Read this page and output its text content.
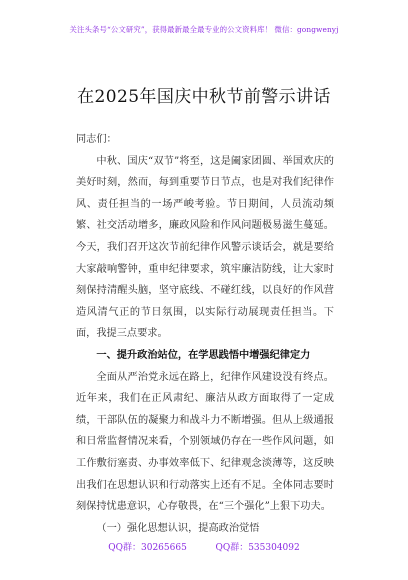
关注头条号“公文研究”，获得最新最全最专业的公文资料库！ 微信：gongwenyj
在2025年国庆中秋节前警示讲话

同志们：

中秋、国庆“双节”将至，这是阖家团圆、举国欢庆的美好时刻，然而，每到重要节日节点，也是对我们纪律作风、责任担当的一场严峻考验。节日期间，人员流动频繁、社交活动增多，廉政风险和作风问题极易滋生蔓延。今天，我们召开这次节前纪律作风警示谈话会，就是要给大家敲响警钟，重申纪律要求，筑牢廉洁防线，让大家时刻保持清醒头脑，坚守底线、不碰红线，以良好的作风营造风清气正的节日氛围，以实际行动展现责任担当。下面，我提三点要求。

一、提升政治站位，在学思践悟中增强纪律定力

全面从严治党永远在路上，纪律作风建设没有终点。近年来，我们在正风肃纪、廉洁从政方面取得了一定成绩，干部队伍的凝聚力和战斗力不断增强。但从上级通报和日常监督情况来看，个别领域仍存在一些作风问题，如工作敷衍塞责、办事效率低下、纪律观念淡薄等，这反映出我们在思想认识和行动落实上还有不足。全体同志要时刻保持忧患意识，心存敬畏，在“三个强化”上狠下功夫。

（一）强化思想认识，提高政治觉悟

QQ群：30265665	QQ群：535304092
